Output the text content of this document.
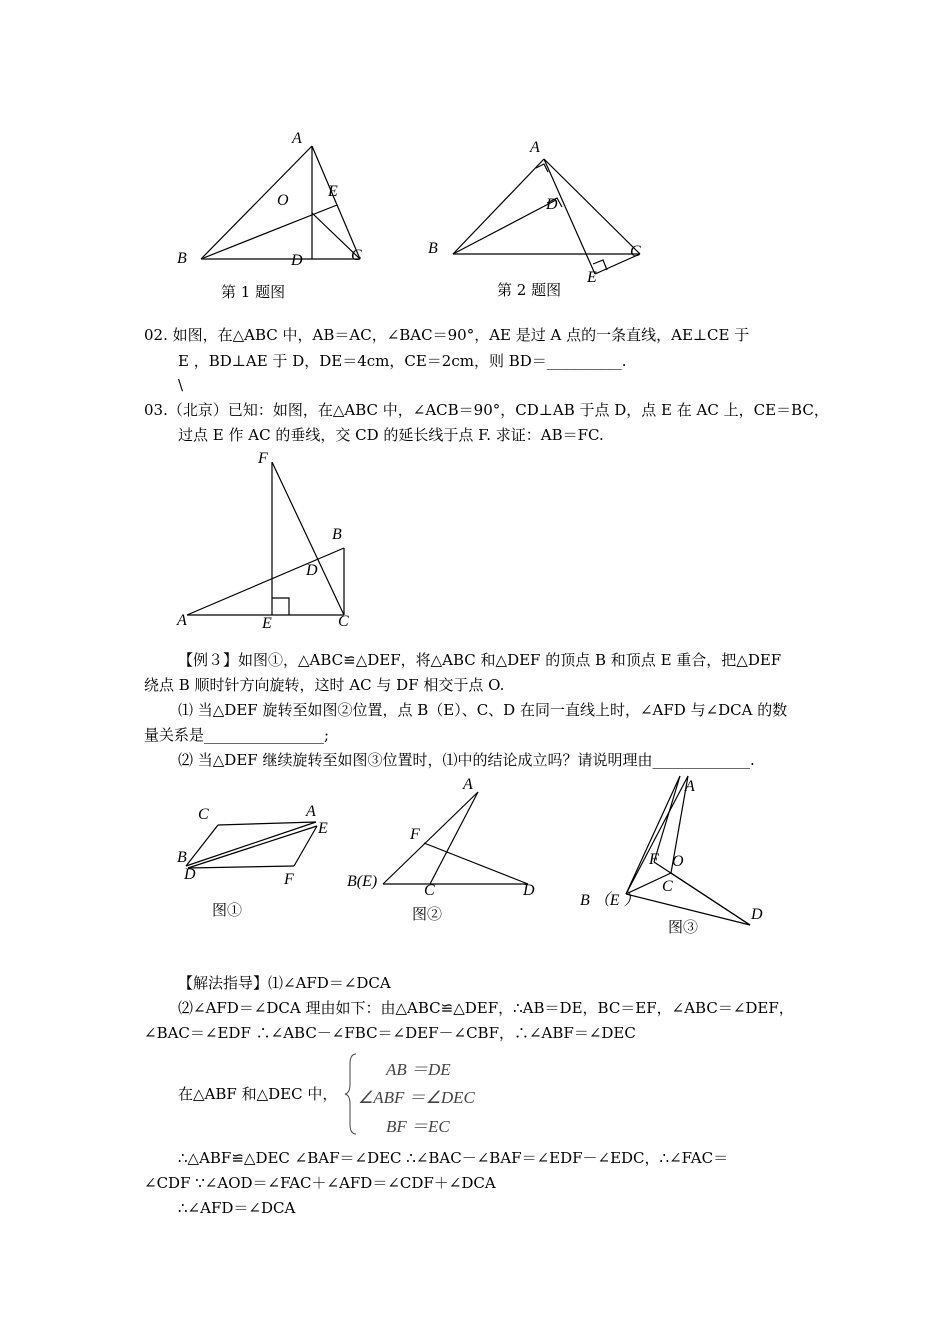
A
E
O
B	D	C
第 1 题图
A
D
B	C
E
第 2 题图
02. 如图，在△ABC 中，AB＝AC，∠BAC＝90°，AE 是过 A 点的一条直线，AE⊥CE 于
E ，BD⊥AE 于 D，DE＝4cm，CE＝2cm，则 BD＝__________.
\
03.（北京）已知：如图，在△ABC 中，∠ACB＝90°，CD⊥AB 于点 D，点 E 在 AC 上，CE＝BC，
过点 E 作 AC 的垂线，交 CD 的延长线于点 F. 求证：AB＝FC.
F
B
D
A	E	C
【例３】如图①，△ABC≌△DEF，将△ABC 和△DEF 的顶点 B 和顶点 E 重合，把△DEF
绕点 B 顺时针方向旋转，这时 AC 与 DF 相交于点 O.
⑴ 当△DEF 旋转至如图②位置，点 B（E）、C、D 在同一直线上时，∠AFD 与∠DCA 的数
量关系是________________;
⑵ 当△DEF 继续旋转至如图③位置时，⑴中的结论成立吗？请说明理由_____________.
C	A
E
B
D	F
图①
A
F
B(E)
C	D
图②
A
F O
C
B （E ）
D
图③
【解法指导】⑴∠AFD＝∠DCA
⑵∠AFD＝∠DCA 理由如下：由△ABC≌△DEF，∴AB＝DE，BC＝EF，∠ABC＝∠DEF，
∠BAC＝∠EDF ∴∠ABC－∠FBC＝∠DEF－∠CBF，∴∠ABF＝∠DEC
在△ABF 和△DEC 中，
AB ＝DE
∠ABF ＝∠DEC
BF ＝EC
∴△ABF≌△DEC ∠BAF＝∠DEC ∴∠BAC－∠BAF＝∠EDF－∠EDC，∴∠FAC＝
∠CDF ∵∠AOD＝∠FAC＋∠AFD＝∠CDF＋∠DCA
∴∠AFD＝∠DCA
